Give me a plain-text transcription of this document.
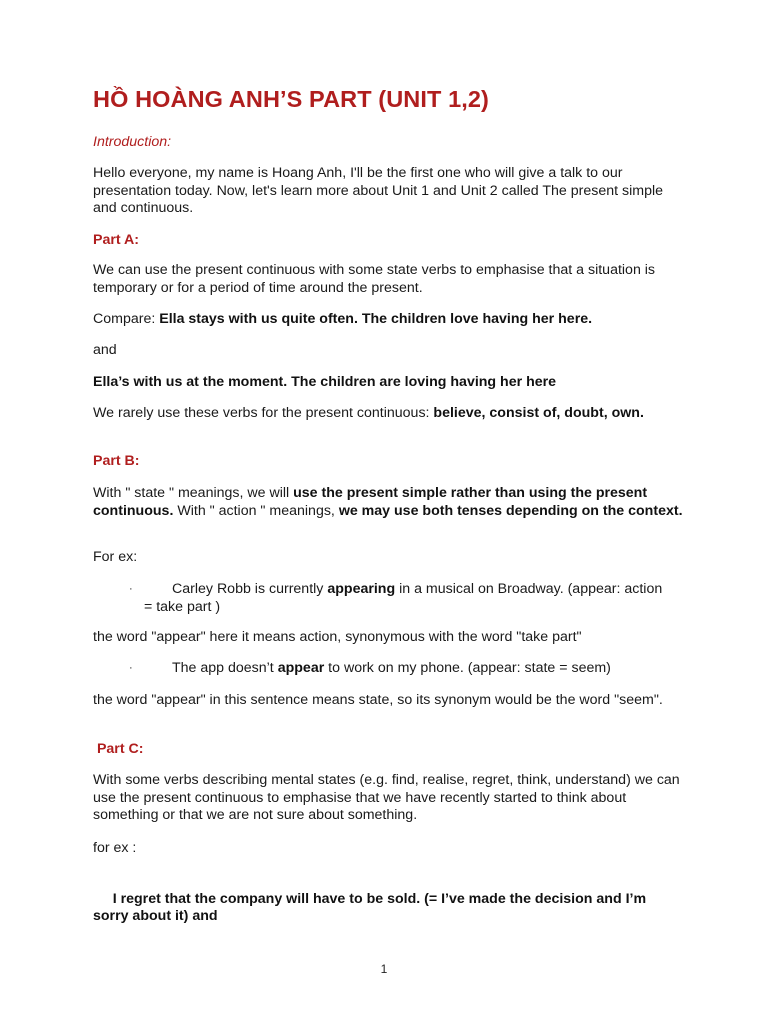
HỒ HOÀNG ANH’S PART (UNIT 1,2)
Introduction:
Hello everyone, my name is Hoang Anh, I'll be the first one who will give a talk to our presentation today. Now, let's learn more about Unit 1 and Unit 2 called The present simple and continuous.
Part A:
We can use the present continuous with some state verbs to emphasise that a situation is temporary or for a period of time around the present.
Compare: Ella stays with us quite often. The children love having her here.
and
Ella’s with us at the moment. The children are loving having her here
We rarely use these verbs for the present continuous: believe, consist of, doubt, own.
Part B:
With " state " meanings, we will use the present simple rather than using the present continuous. With " action " meanings, we may use both tenses depending on the context.
For ex:
·	Carley Robb is currently appearing in a musical on Broadway. (appear: action = take part )
the word "appear" here it means action, synonymous with the word "take part"
·	The app doesn’t appear to work on my phone. (appear: state = seem)
the word "appear" in this sentence means state, so its synonym would be the word "seem".
Part C:
With some verbs describing mental states (e.g. find, realise, regret, think, understand) we can use the present continuous to emphasise that we have recently started to think about something or that we are not sure about something.
for ex :

I regret that the company will have to be sold. (= I’ve made the decision and I’m sorry about it) and

1
